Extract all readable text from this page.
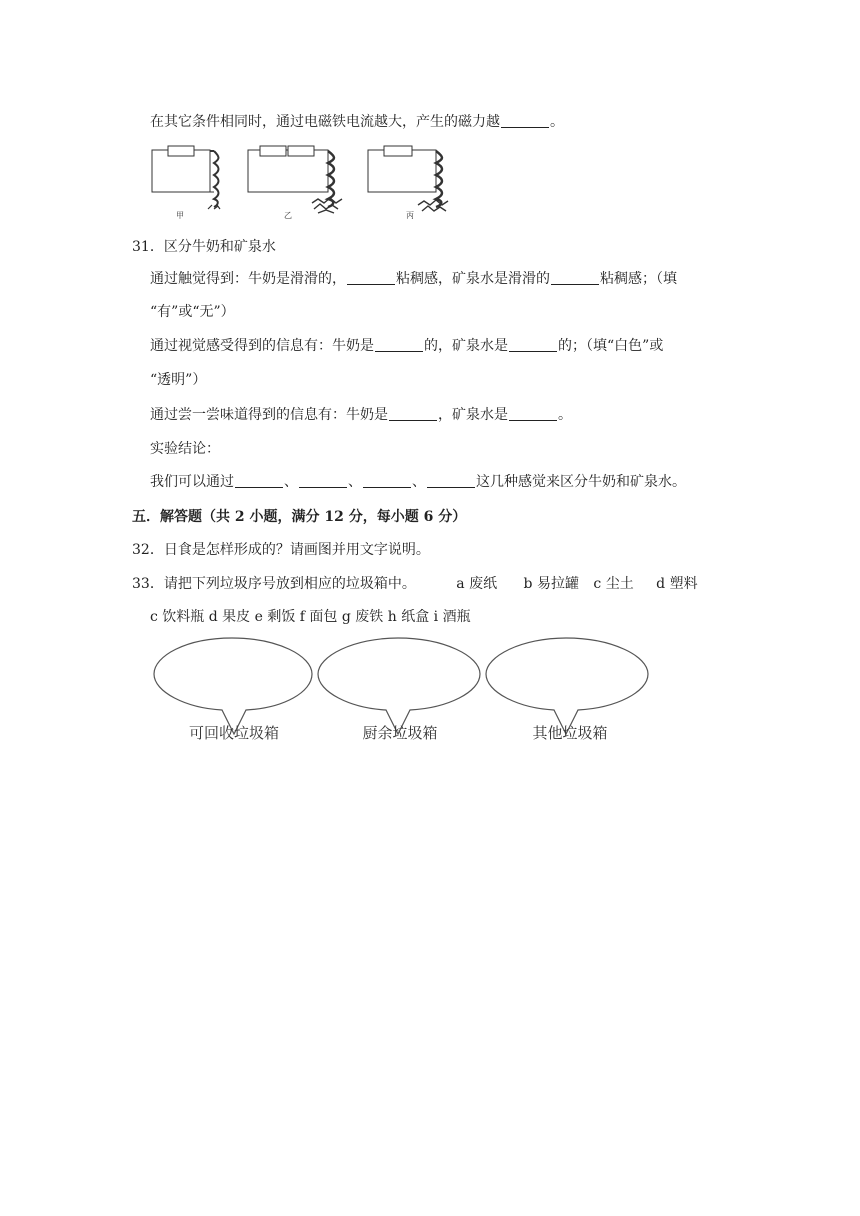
在其它条件相同时，通过电磁铁电流越大，产生的磁力越	。
甲	乙	丙
31．区分牛奶和矿泉水
通过触觉得到：牛奶是滑滑的，	粘稠感，矿泉水是滑滑的	粘稠感；（填
“有”或“无”）
通过视觉感受得到的信息有：牛奶是	的，矿泉水是	的；（填“白色”或
“透明”）
通过尝一尝味道得到的信息有：牛奶是	，矿泉水是	。
实验结论：
我们可以通过	、	、	、	这几种感觉来区分牛奶和矿泉水。
五．解答题（共 2 小题，满分 12 分，每小题 6 分）
32．日食是怎样形成的？请画图并用文字说明。
33．请把下列垃圾序号放到相应的垃圾箱中。	a 废纸 b 易拉罐 c 尘土 d 塑料
c 饮料瓶 d 果皮 e 剩饭 f 面包 g 废铁 h 纸盒 i 酒瓶
可回收垃圾箱	厨余垃圾箱	其他垃圾箱
